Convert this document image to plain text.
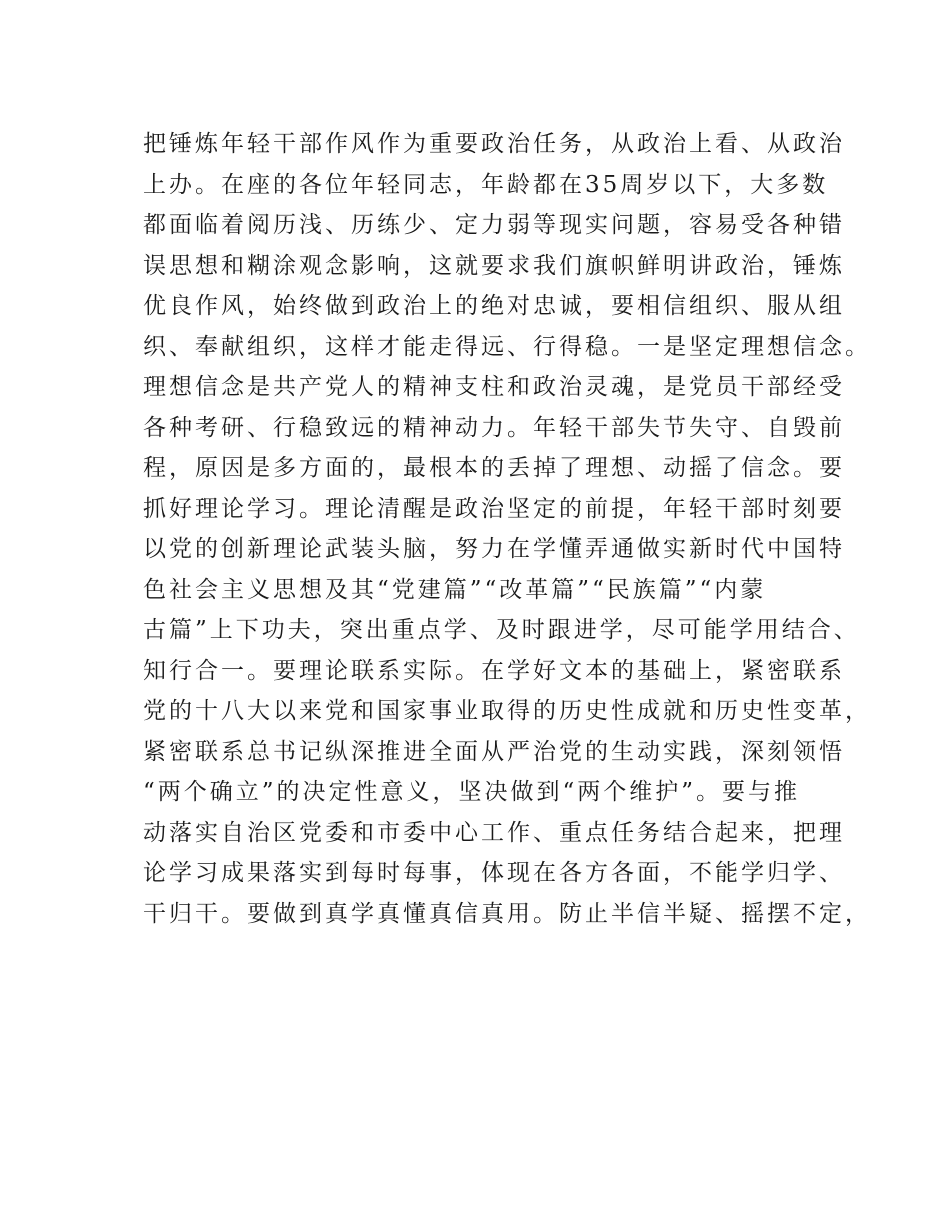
把锤炼年轻干部作风作为重要政治任务，从政治上看、从政治
上办。在座的各位年轻同志，年龄都在35周岁以下，大多数
都面临着阅历浅、历练少、定力弱等现实问题，容易受各种错
误思想和糊涂观念影响，这就要求我们旗帜鲜明讲政治，锤炼
优良作风，始终做到政治上的绝对忠诚，要相信组织、服从组
织、奉献组织，这样才能走得远、行得稳。一是坚定理想信念。
理想信念是共产党人的精神支柱和政治灵魂，是党员干部经受
各种考研、行稳致远的精神动力。年轻干部失节失守、自毁前
程，原因是多方面的，最根本的丢掉了理想、动摇了信念。要
抓好理论学习。理论清醒是政治坚定的前提，年轻干部时刻要
以党的创新理论武装头脑，努力在学懂弄通做实新时代中国特
色社会主义思想及其“党建篇”“改革篇”“民族篇”“内蒙
古篇”上下功夫，突出重点学、及时跟进学，尽可能学用结合、
知行合一。要理论联系实际。在学好文本的基础上，紧密联系
党的十八大以来党和国家事业取得的历史性成就和历史性变革，
紧密联系总书记纵深推进全面从严治党的生动实践，深刻领悟
“两个确立”的决定性意义，坚决做到“两个维护”。要与推
动落实自治区党委和市委中心工作、重点任务结合起来，把理
论学习成果落实到每时每事，体现在各方各面，不能学归学、
干归干。要做到真学真懂真信真用。防止半信半疑、摇摆不定，
